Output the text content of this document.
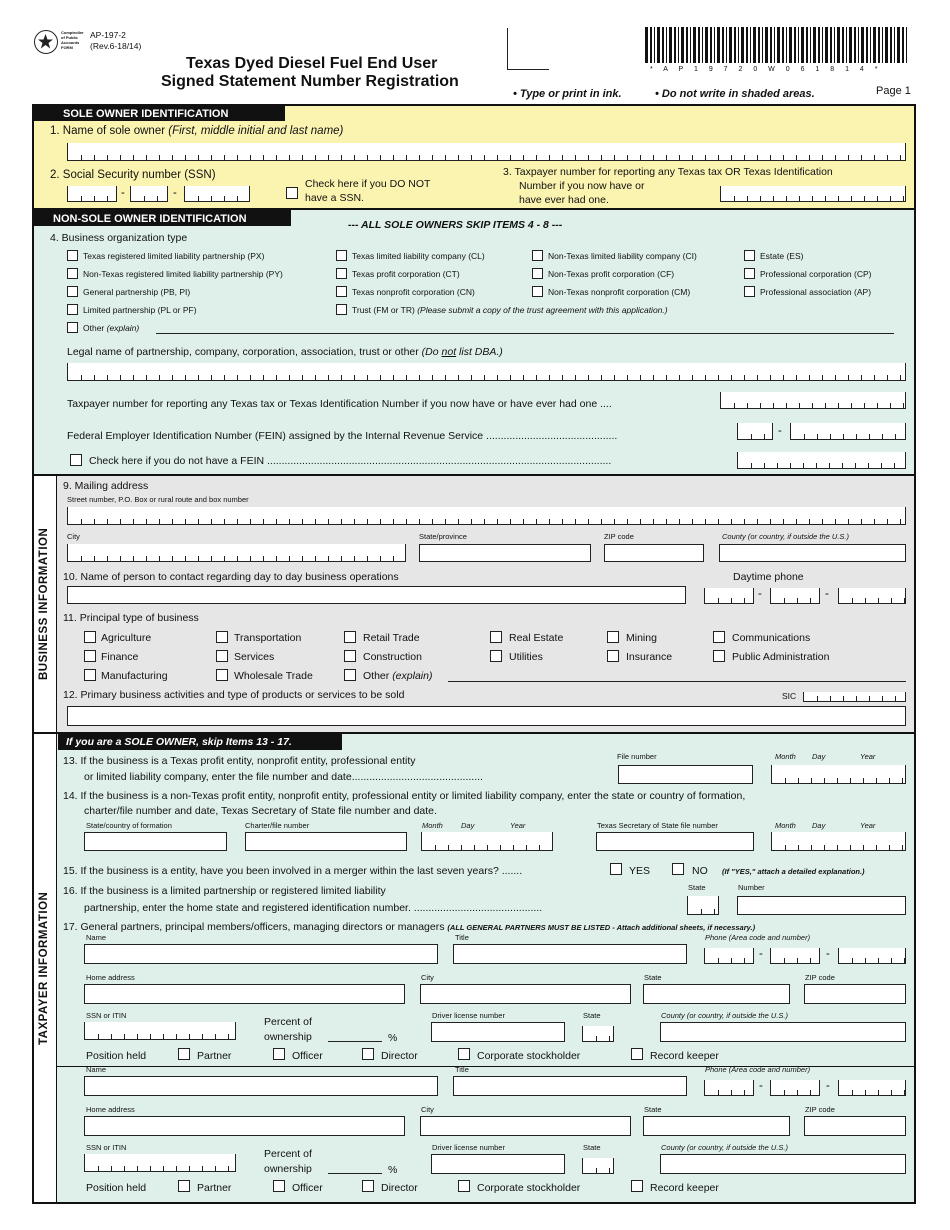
Comptroller of Public Accounts FORM
AP-197-2
(Rev.6-18/14)
Texas Dyed Diesel Fuel End User
Signed Statement Number Registration
* A P 1 9 7 2 0 W 0 6 1 8 1 4 *
• Type or print in ink.	• Do not write in shaded areas.	Page 1
SOLE OWNER IDENTIFICATION
1. Name of sole owner (First, middle initial and last name)
2. Social Security number (SSN)
-	-
Check here if you DO NOT
have a SSN.
3. Taxpayer number for reporting any Texas tax OR Texas Identification
Number if you now have or
have ever had one.
NON-SOLE OWNER IDENTIFICATION	--- ALL SOLE OWNERS SKIP ITEMS 4 - 8 ---
4. Business organization type
Texas registered limited liability partnership (PX)	Texas limited liability company (CL)	Non-Texas limited liability company (CI)	Estate (ES)
Non-Texas registered limited liability partnership (PY)	Texas profit corporation (CT)	Non-Texas profit corporation (CF)	Professional corporation (CP)
General partnership (PB, PI)	Texas nonprofit corporation (CN)	Non-Texas nonprofit corporation (CM)	Professional association (AP)
Limited partnership (PL or PF)	Trust (FM or TR) (Please submit a copy of the trust agreement with this application.)
Other (explain)
Legal name of partnership, company, corporation, association, trust or other (Do not list DBA.)
Taxpayer number for reporting any Texas tax or Texas Identification Number if you now have or have ever had one ....
Federal Employer Identification Number (FEIN) assigned by the Internal Revenue Service .............................................	-
Check here if you do not have a FEIN ......................................................................................................................
BUSINESS INFORMATION
9. Mailing address
Street number, P.O. Box or rural route and box number
City	State/province	ZIP code	County (or country, if outside the U.S.)
10. Name of person to contact regarding day to day business operations	Daytime phone
-	-
11. Principal type of business
Agriculture	Transportation	Retail Trade	Real Estate	Mining	Communications
Finance	Services	Construction	Utilities	Insurance	Public Administration
Manufacturing	Wholesale Trade	Other (explain)
12. Primary business activities and type of products or services to be sold	SIC
TAXPAYER INFORMATION
If you are a SOLE OWNER, skip Items 13 - 17.
13. If the business is a Texas profit entity, nonprofit entity, professional entity
or limited liability company, enter the file number and date.............................................
File number	Month Day	Year
14. If the business is a non-Texas profit entity, nonprofit entity, professional entity or limited liability company, enter the state or country of formation,
charter/file number and date, Texas Secretary of State file number and date.
State/country of formation	Charter/file number	Month Day	Year	Texas Secretary of State file number	Month Day	Year
15. If the business is a entity, have you been involved in a merger within the last seven years? .......	YES	NO (If "YES," attach a detailed explanation.)
16. If the business is a limited partnership or registered limited liability
partnership, enter the home state and registered identification number. ............................................
State	Number
17. General partners, principal members/officers, managing directors or managers (ALL GENERAL PARTNERS MUST BE LISTED - Attach additional sheets, if necessary.)
Name	Title	Phone (Area code and number)
-	-
Home address	City	State	ZIP code
SSN or ITIN
Percent of
ownership	%
Driver license number	State	County (or country, if outside the U.S.)
Position held	Partner	Officer	Director	Corporate stockholder	Record keeper
Name	Title	Phone (Area code and number)
-	-
Home address	City	State	ZIP code
SSN or ITIN
Percent of
ownership	%
Driver license number	State	County (or country, if outside the U.S.)
Position held	Partner	Officer	Director	Corporate stockholder	Record keeper
